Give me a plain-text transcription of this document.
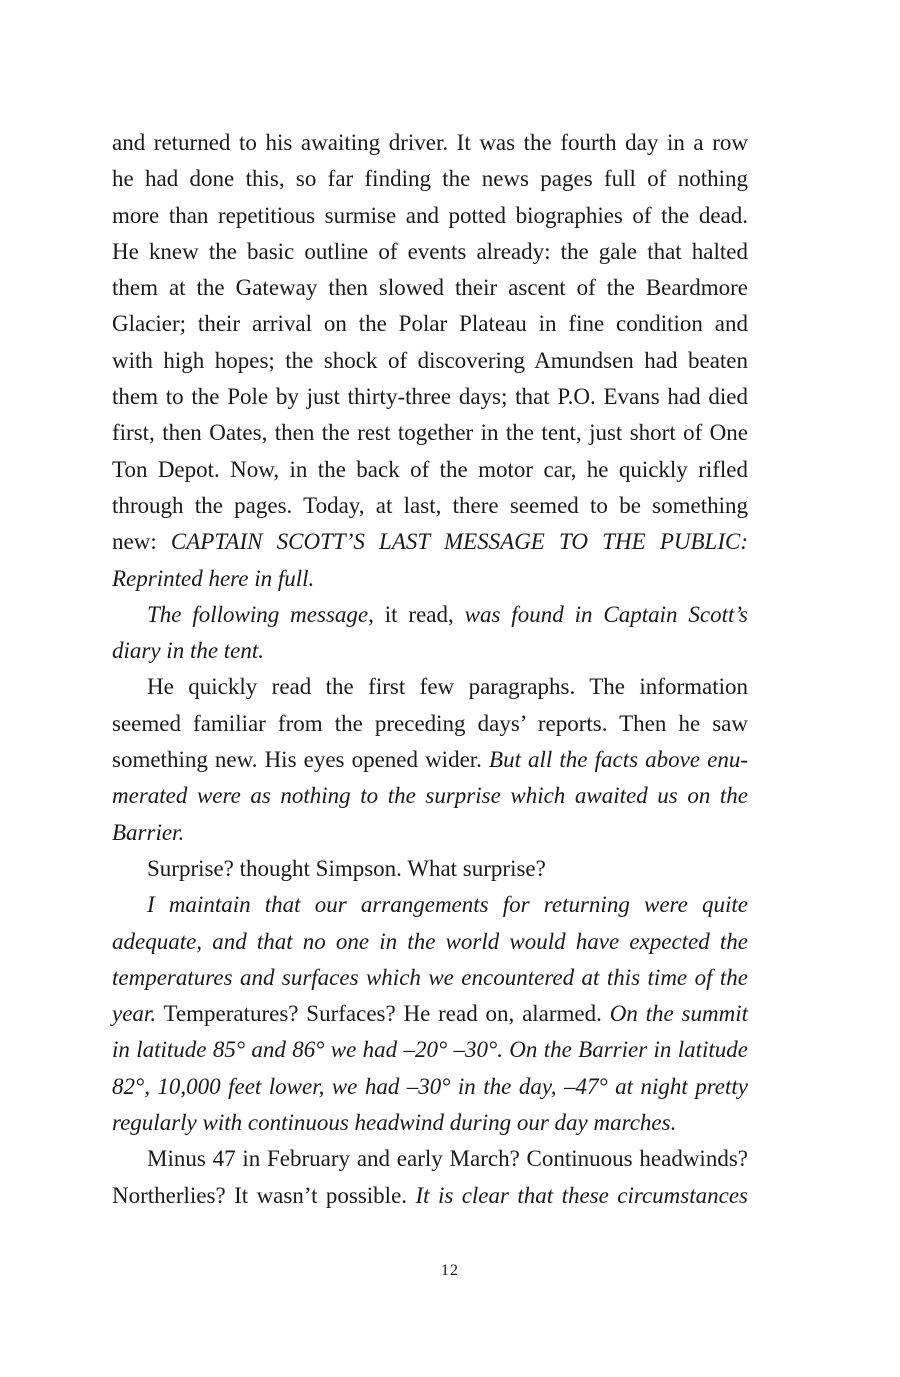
and returned to his awaiting driver. It was the fourth day in a row
he had done this, so far finding the news pages full of nothing
more than repetitious surmise and potted biographies of the dead.
He knew the basic outline of events already: the gale that halted
them at the Gateway then slowed their ascent of the Beardmore
Glacier; their arrival on the Polar Plateau in fine condition and
with high hopes; the shock of discovering Amundsen had beaten
them to the Pole by just thirty-three days; that P.O. Evans had died
first, then Oates, then the rest together in the tent, just short of One
Ton Depot. Now, in the back of the motor car, he quickly rifled
through the pages. Today, at last, there seemed to be something
new: CAPTAIN SCOTT’S LAST MESSAGE TO THE PUBLIC:
Reprinted here in full.
The following message, it read, was found in Captain Scott’s
diary in the tent.
He quickly read the first few paragraphs. The information
seemed familiar from the preceding days’ reports. Then he saw
something new. His eyes opened wider. But all the facts above enu-
merated were as nothing to the surprise which awaited us on the
Barrier.
Surprise? thought Simpson. What surprise?
I maintain that our arrangements for returning were quite
adequate, and that no one in the world would have expected the
temperatures and surfaces which we encountered at this time of the
year. Temperatures? Surfaces? He read on, alarmed. On the summit
in latitude 85° and 86° we had –20° –30°. On the Barrier in latitude
82°, 10,000 feet lower, we had –30° in the day, –47° at night pretty
regularly with continuous headwind during our day marches.
Minus 47 in February and early March? Continuous headwinds?
Northerlies? It wasn’t possible. It is clear that these circumstances
12
